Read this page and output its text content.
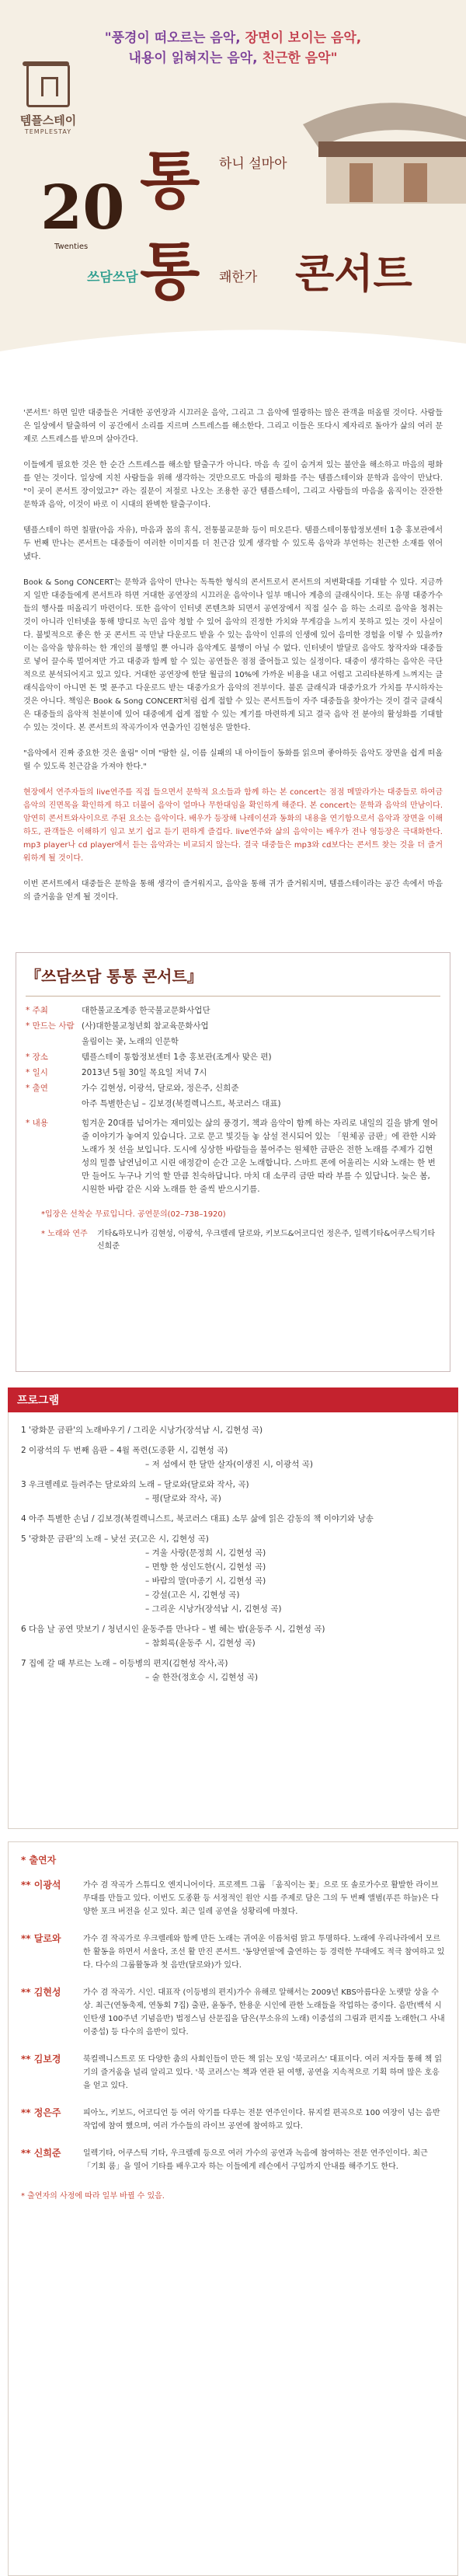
"풍경이 떠오르는 음악, 장면이 보이는 음악,
내용이 읽혀지는 음악, 친근한 음악"
템플스테이
TEMPLESTAY
20
Twenties
쓰담쓰담
통 하니 설마아
통 쾌한가 콘서트

'콘서트' 하면 일반 대중들은 거대한 공연장과 시끄러운 음악, 그리고 그 음악에 열광하는 많은 관객을 떠올릴 것이다. 사람들은 일상에서 탈출하여 이 공간에서 소리를 지르며 스트레스를 해소한다. 그리고 이들은 또다시 제자리로 돌아가 삶의 여러 문제로 스트레스를 받으며 살아간다.

이들에게 필요한 것은 한 순간 스트레스를 해소할 탈출구가 아니다. 마음 속 깊이 숨겨져 있는 불안을 해소하고 마음의 평화를 얻는 것이다. 일상에 지친 사람들을 위해 생각하는 것만으로도 마음의 평화를 주는 템플스테이와 문학과 음악이 만났다. "이 곳이 콘서트 장이었고?" 라는 질문이 저절로 나오는 조용한 공간 템플스테이, 그리고 사람들의 마음을 움직이는 잔잔한 문학과 음악, 이것이 바로 이 시대의 완벽한 탈출구이다.

템플스테이 하면 칠팔(아음 자유), 마음과 몸의 휴식, 전통불교문화 등이 떠오른다. 템플스테이통합정보센터 1층 홍보관에서 두 번째 만나는 콘서트는 대중들이 여러한 이미지를 더 친근감 있게 생각할 수 있도록 음악과 부언하는 친근한 소재를 엮어 냈다.

Book & Song CONCERT는 문학과 음악이 만나는 독특한 형식의 콘서트로서 콘서트의 저변확대를 기대할 수 있다. 지금까지 일반 대중들에게 콘서트라 하면 거대한 공연장의 시끄러운 음악이나 일부 매니아 계층의 클래식이다. 또는 유명 대중가수들의 행사를 떠올리기 마련이다. 또한 음악이 인터넷 콘텐츠화 되면서 공연장에서 직접 실수 음 하는 소리로 음악을 청취는 것이 아니라 인터넷을 통해 방디로 녹민 음악 청할 수 있어 음악의 진정한 가치와 무게감을 느끼지 못하고 있는 것이 사실이다. 불빛적으로 좋은 한 곳 콘서트 곡 만날 다운로드 받을 수 있는 음악이 인류의 인생에 있어 음미한 경험을 이렇 수 있을까? 이는 음악을 향유하는 한 개인의 불행일 뿐 아니라 음악계도 불행이 아닐 수 없다. 인터넷이 발달로 음악도 창작자와 대중들로 넣어 끌수록 멀어져만 가고 대중과 함께 할 수 있는 공연들은 점점 줄어들고 있는 실정이다. 대중이 생각하는 음악은 극단적으로 분석되어지고 있고 있다. 거대한 공연장에 한달 월급의 10%에 가까운 비용을 내고 어렵고 고리타분하게 느껴지는 클래식음악이 아니면 돈 몇 푼주고 다운로드 받는 대중가요가 음악의 전부이다. 불론 클래식과 대중가요가 가치를 무시하자는 것은 아니다. 책임은 Book & Song CONCERT처럼 쉽게 접할 수 있는 콘서트들이 자주 대중들을 찾아가는 것이 결국 클래식은 대중들의 음악적 천분이에 있어 대중에게 쉽게 접할 수 있는 계기를 마련하게 되고 결국 음악 전 분야의 활성화를 기대할 수 있는 것이다. 본 콘서트의 작곡가이자 연출가인 김현성은 말한다.

"음악에서 진짜 중요한 것은 울림" 이며 "땀한 실, 이름 실패의 내 아이들이 동화를 읽으며 좋아하듯 음악도 장면을 쉽게 떠올릴 수 있도록 친근감을 가져야 한다."

현장에서 연주자들의 live연주를 직접 들으면서 문학적 요소들과 함께 하는 본 concert는 점점 메말라가는 대중들로 하여금 음악의 진면목을 확인하게 하고 더불어 음악이 얼마나 무한대임을 확인하게 해준다. 본 concert는 문학과 음악의 만남이다. 암연히 콘서트와사이으로 주된 요소는 음악이다. 배우가 등장해 나레이션과 동화의 내용을 연기함으로서 음악과 장면을 이해하도, 관객들은 이해하기 임고 보기 쉽고 듣기 편하게 즐겁다. live연주와 삶의 음악이는 배우가 전나 영등장은 극대화한다. mp3 player나 cd player에서 듣는 음악과는 비교되지 않는다. 결국 대중들은 mp3와 cd보다는 콘서트 찾는 것을 더 즐거워하게 될 것이다.

이번 콘서트에서 대중들은 문학을 통해 생각이 즐거워지고, 음악을 통해 귀가 즐거워지며, 템플스테이라는 공간 속에서 마음의 즐거움을 얻게 될 것이다.

『쓰담쓰담 통통 콘서트』
* 주최	대한불교조계종 한국불교문화사업단
* 만드는 사람 (사)대한불교청년회 참교육문화사업
울림이는 꽃, 노래의 인문학
* 장소	템플스테이 통합정보센터 1층 홍보관(조계사 맞은 편)
* 일시	2013년 5월 30일 목요일 저녁 7시
* 출연	가수 김현성, 이광석, 달로와, 정은주, 신희준
아주 특별한손님 – 김보경(북컬렉니스트, 북코러스 대표)
* 내용	힘겨운 20대를 넘어가는 재미있는 삶의 풍경기, 책과 음악이 함께 하는 자리로 내일의 길을 밝게 열어 줄 이야기가 놓여지 있습니다. 고로 문고 빛깃들 놓 삼설 전시되어 있는 「원체공 금판」에 관한 시와 노래가 첫 선을 보입니다. 도시에 싱상한 바람들을 불어주는 원체한 금판은 전한 노래를 주제가 김현성의 밀쯤 남연님이고 시린 애정같이 순간 고운 노래합니다. 스마트 폰에 어울리는 시와 노래는 한 번만 들어도 누구나 기억 할 만큼 친숙하답니다. 마치 대 소쿠리 금딴 따라 부를 수 있답니다. 늦은 봄, 시원한 바람 같은 시와 노래를 한 줄씩 받으시기를.
*입장은 선착순 무료입니다. 공연문의(02–738–1920)
* 노래와 연주	기타&하모니카 김현성, 이광석, 우크렐레 달로와, 키보드&어코디언 정은주, 일렉기타&어쿠스틱기타 신희준
프로그램
1 '광화문 금판'의 노래바우기 / 그리운 시낭가(장석남 시, 김현성 곡)
2 이광석의 두 번째 음판 – 4월 폭련(도종환 시, 김현성 곡)
– 저 섬에서 한 달만 살자(이생진 시, 이광석 곡)
3 우크렐레로 들려주는 달로와의 노래 – 달로와(달로와 작사, 곡)
– 평(달로와 작사, 곡)
4 아주 특별한 손님 / 김보경(북컬렉니스트, 북코러스 대표) 소무 삶에 읽은 감동의 책 이야기와 낭송
5 '광화문 금판'의 노래 – 낮선 곳(고은 시, 김현성 곡)
– 겨울 사랑(문정희 시, 김현성 곡)
– 면향 한 성인도한(시, 김현성 곡)
– 바람의 말(마종기 시, 김현성 곡)
– 강설(고은 시, 김현성 곡)
– 그리운 시낭가(장석남 시, 김현성 곡)
6 다음 날 공연 맛보기 / 청년시인 윤동주를 만나다 – 별 헤는 밤(윤동주 시, 김현성 곡)
– 참회록(윤동주 시, 김현성 곡)
7 집에 갈 때 부르는 노래 – 이등병의 편지(김현성 작사,곡)
– 술 한잔(정호승 시, 김현성 곡)
* 출연자
** 이광석	가수 겸 작곡가 스튜디오 엔지니어이다. 프로젝트 그룹 「움직이는 꽃」으로 또 솔로가수로 활발한 라이브 무대를 만들고 있다. 이번도 도종환 등 서정적인 원안 시를 주제로 담은 그의 두 번째 앨범(푸른 하늘)은 다양한 포크 버전을 싣고 있다. 최근 일레 공연을 성황리에 마쳤다.
** 달로와	가수 겸 작곡가로 우크렐레와 함께 만든 노래는 귀여운 이름처럼 맑고 투명하다. 노래에 우리나라에서 모르 한 활동을 하면서 서울다, 조선 활 만진 콘서트. '동양연필'에 출연하는 등 경력한 무대에도 적극 참여하고 있다. 다수의 그룹활동과 첫 음반(달로와)가 있다.
** 김현성	가수 겸 작곡가. 시인. 대표작 (이등병의 편지)가수 유해로 알해서는 2009년 KBS아름다운 노랫말 상을 수상. 최근(연동축제, 연동회 7집) 출판, 윤동주, 한용운 시인에 관한 노래들을 작업하는 중이다. 음반(백석 시인탄생 100주년 기념음반) 법정스님 산문집을 담은(무소유의 노래) 이중섭의 그림과 편지를 노래한(그 사내 이중섭) 등 다수의 음반이 있다.
** 김보경	북컬렉니스트로 또 다양한 춤의 사회인들이 만든 책 읽는 모임 '북코러스' 대표이다. 여러 저자들 통해 책 읽기의 즐거움을 널리 알리고 있다. '북 코러스'는 책과 연관 된 여행, 공연을 지속적으로 기획 하며 많은 호응을 얻고 있다.
** 정은주	피아노, 키보드, 어코디언 등 여러 악기를 다루는 전문 연주인이다. 뮤지컬 편곡으로 100 여장이 넘는 음반작업에 참여 했으며, 여러 가수들의 라이브 공연에 참여하고 있다.
** 신희준	일렉기타, 어쿠스틱 기타, 우크렐레 등으로 여러 가수의 공연과 녹음에 참여하는 전문 연주인이다. 최근 「기회 룸」을 열어 기타를 배우고자 하는 이들에게 레슨에서 구입까지 안내를 해주기도 한다.
* 출연자의 사정에 따라 일부 바뀔 수 있음.
